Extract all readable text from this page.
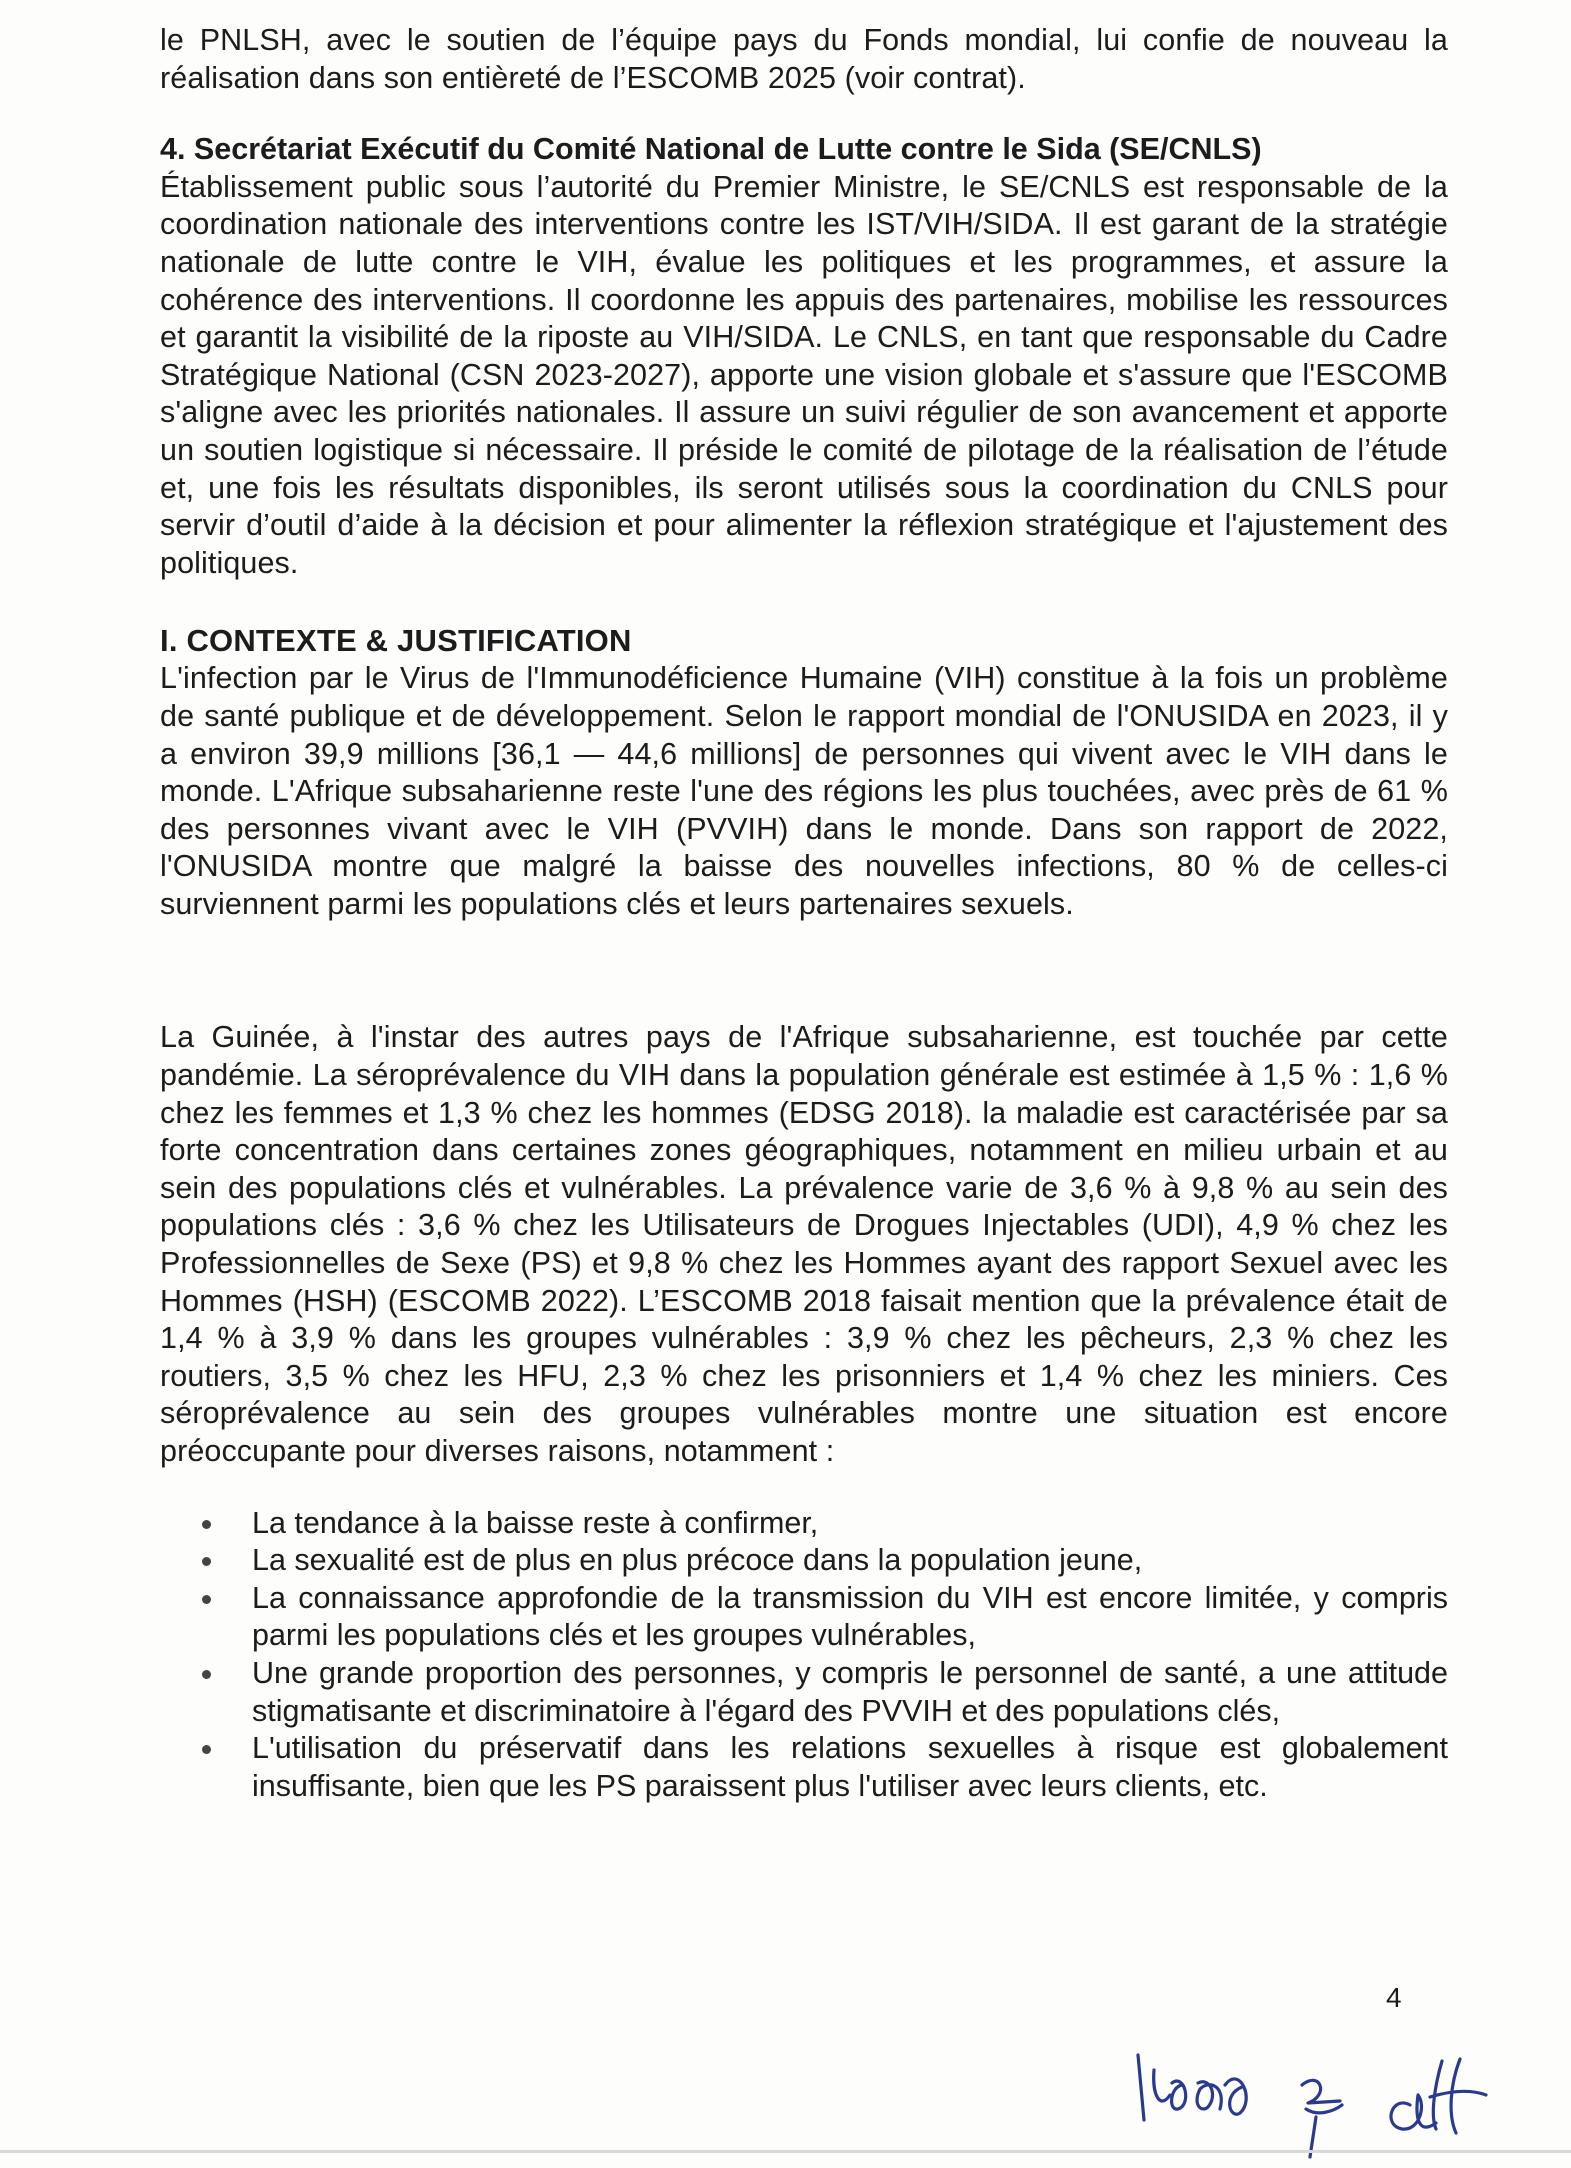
le PNLSH, avec le soutien de l’équipe pays du Fonds mondial, lui confie de nouveau la réalisation dans son entièreté de l’ESCOMB 2025 (voir contrat).

4. Secrétariat Exécutif du Comité National de Lutte contre le Sida (SE/CNLS)

Établissement public sous l’autorité du Premier Ministre, le SE/CNLS est responsable de la coordination nationale des interventions contre les IST/VIH/SIDA. Il est garant de la stratégie nationale de lutte contre le VIH, évalue les politiques et les programmes, et assure la cohérence des interventions. Il coordonne les appuis des partenaires, mobilise les ressources et garantit la visibilité de la riposte au VIH/SIDA. Le CNLS, en tant que responsable du Cadre Stratégique National (CSN 2023-2027), apporte une vision globale et s'assure que l'ESCOMB s'aligne avec les priorités nationales. Il assure un suivi régulier de son avancement et apporte un soutien logistique si nécessaire. Il préside le comité de pilotage de la réalisation de l’étude et, une fois les résultats disponibles, ils seront utilisés sous la coordination du CNLS pour servir d’outil d’aide à la décision et pour alimenter la réflexion stratégique et l'ajustement des politiques.

I. CONTEXTE & JUSTIFICATION

L'infection par le Virus de l'Immunodéficience Humaine (VIH) constitue à la fois un problème de santé publique et de développement. Selon le rapport mondial de l'ONUSIDA en 2023, il y a environ 39,9 millions [36,1 — 44,6 millions] de personnes qui vivent avec le VIH dans le monde. L'Afrique subsaharienne reste l'une des régions les plus touchées, avec près de 61 % des personnes vivant avec le VIH (PVVIH) dans le monde. Dans son rapport de 2022, l'ONUSIDA montre que malgré la baisse des nouvelles infections, 80 % de celles-ci surviennent parmi les populations clés et leurs partenaires sexuels.

La Guinée, à l'instar des autres pays de l'Afrique subsaharienne, est touchée par cette pandémie. La séroprévalence du VIH dans la population générale est estimée à 1,5 % : 1,6 % chez les femmes et 1,3 % chez les hommes (EDSG 2018). la maladie est caractérisée par sa forte concentration dans certaines zones géographiques, notamment en milieu urbain et au sein des populations clés et vulnérables. La prévalence varie de 3,6 % à 9,8 % au sein des populations clés : 3,6 % chez les Utilisateurs de Drogues Injectables (UDI), 4,9 % chez les Professionnelles de Sexe (PS) et 9,8 % chez les Hommes ayant des rapport Sexuel avec les Hommes (HSH) (ESCOMB 2022). L’ESCOMB 2018 faisait mention que la prévalence était de 1,4 % à 3,9 % dans les groupes vulnérables : 3,9 % chez les pêcheurs, 2,3 % chez les routiers, 3,5 % chez les HFU, 2,3 % chez les prisonniers et 1,4 % chez les miniers. Ces séroprévalence au sein des groupes vulnérables montre une situation est encore préoccupante pour diverses raisons, notamment :

La tendance à la baisse reste à confirmer,
La sexualité est de plus en plus précoce dans la population jeune,
La connaissance approfondie de la transmission du VIH est encore limitée, y compris parmi les populations clés et les groupes vulnérables,
Une grande proportion des personnes, y compris le personnel de santé, a une attitude stigmatisante et discriminatoire à l'égard des PVVIH et des populations clés,
L'utilisation du préservatif dans les relations sexuelles à risque est globalement insuffisante, bien que les PS paraissent plus l'utiliser avec leurs clients, etc.
4
